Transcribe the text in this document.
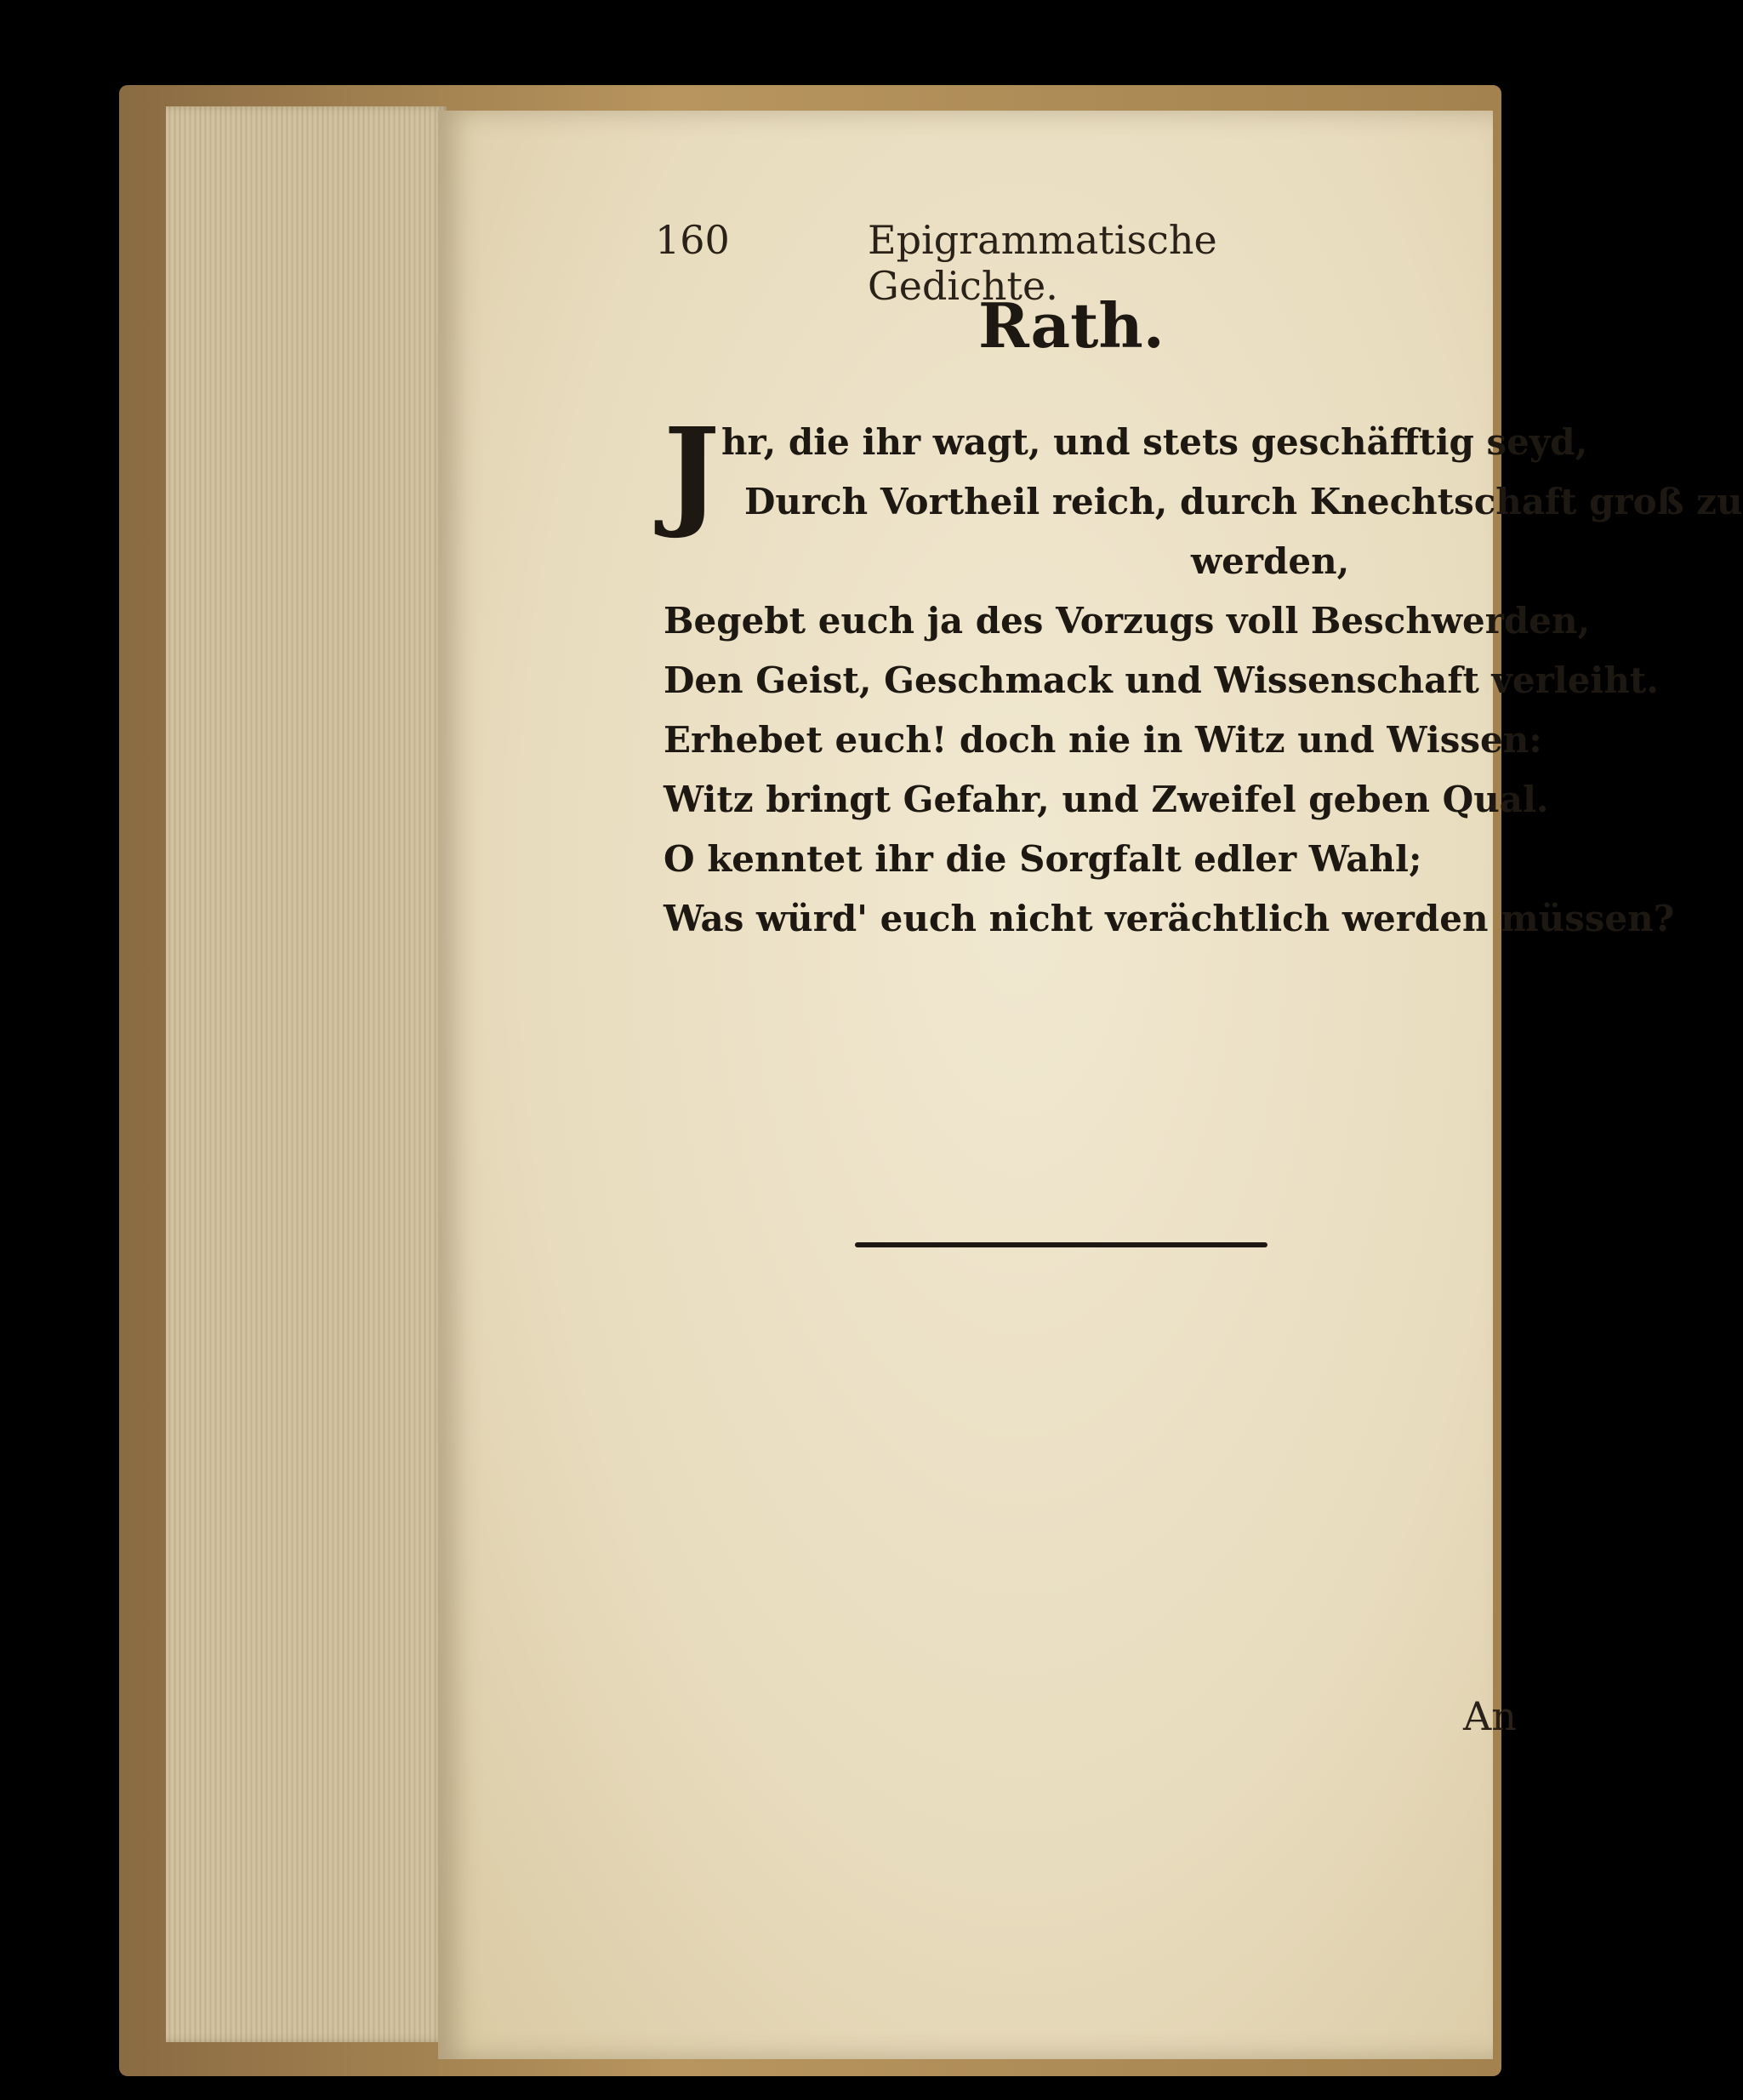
160	Epigrammatische Gedichte.
Rath.
J hr, die ihr wagt, und stets geschäfftig seyd,
Durch Vortheil reich, durch Knechtschaft groß zu
werden,
Begebt euch ja des Vorzugs voll Beschwerden,
Den Geist, Geschmack und Wissenschaft verleiht.
Erhebet euch! doch nie in Witz und Wissen:
Witz bringt Gefahr, und Zweifel geben Qual.
O kenntet ihr die Sorgfalt edler Wahl;
Was würd' euch nicht verächtlich werden müssen?
An
